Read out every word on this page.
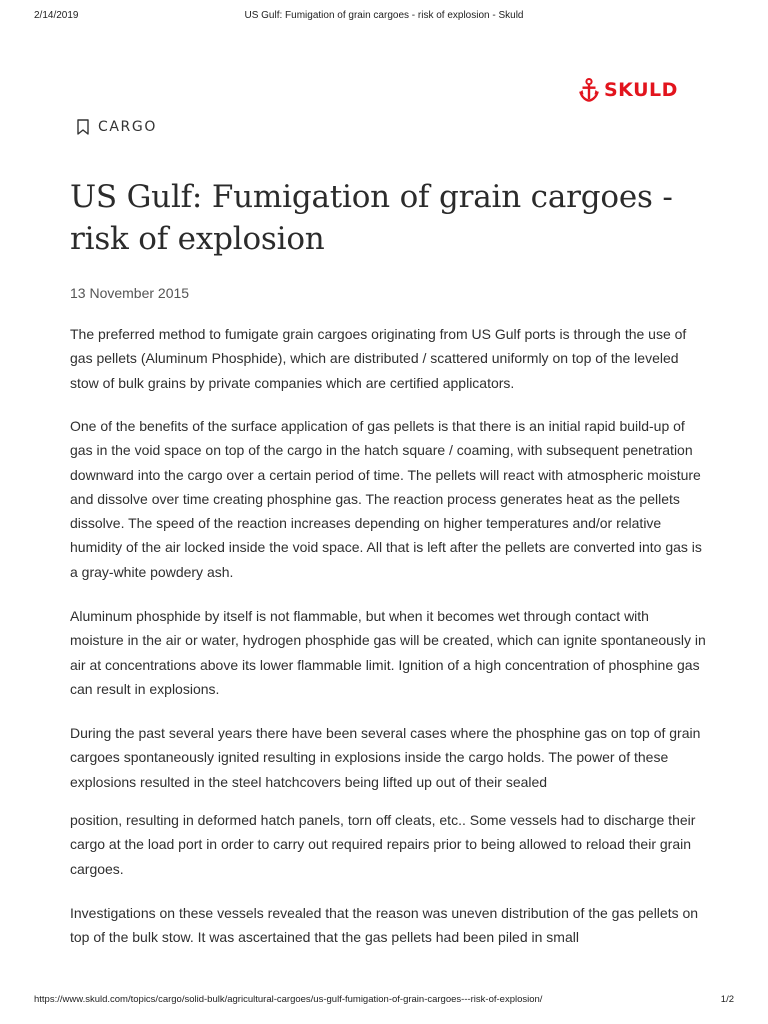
2/14/2019	US Gulf: Fumigation of grain cargoes - risk of explosion - Skuld
SKULD
CARGO
US Gulf: Fumigation of grain cargoes - risk of explosion
13 November 2015

The preferred method to fumigate grain cargoes originating from US Gulf ports is through the use of gas pellets (Aluminum Phosphide), which are distributed / scattered uniformly on top of the leveled stow of bulk grains by private companies which are certified applicators.

One of the benefits of the surface application of gas pellets is that there is an initial rapid build-up of gas in the void space on top of the cargo in the hatch square / coaming, with subsequent penetration downward into the cargo over a certain period of time. The pellets will react with atmospheric moisture and dissolve over time creating phosphine gas. The reaction process generates heat as the pellets dissolve. The speed of the reaction increases depending on higher temperatures and/or relative humidity of the air locked inside the void space. All that is left after the pellets are converted into gas is a gray-white powdery ash.

Aluminum phosphide by itself is not flammable, but when it becomes wet through contact with moisture in the air or water, hydrogen phosphide gas will be created, which can ignite spontaneously in air at concentrations above its lower flammable limit. Ignition of a high concentration of phosphine gas can result in explosions.

During the past several years there have been several cases where the phosphine gas on top of grain cargoes spontaneously ignited resulting in explosions inside the cargo holds. The power of these explosions resulted in the steel hatchcovers being lifted up out of their sealed

position, resulting in deformed hatch panels, torn off cleats, etc.. Some vessels had to discharge their cargo at the load port in order to carry out required repairs prior to being allowed to reload their grain cargoes.

Investigations on these vessels revealed that the reason was uneven distribution of the gas pellets on top of the bulk stow. It was ascertained that the gas pellets had been piled in small

https://www.skuld.com/topics/cargo/solid-bulk/agricultural-cargoes/us-gulf-fumigation-of-grain-cargoes---risk-of-explosion/	1/2
